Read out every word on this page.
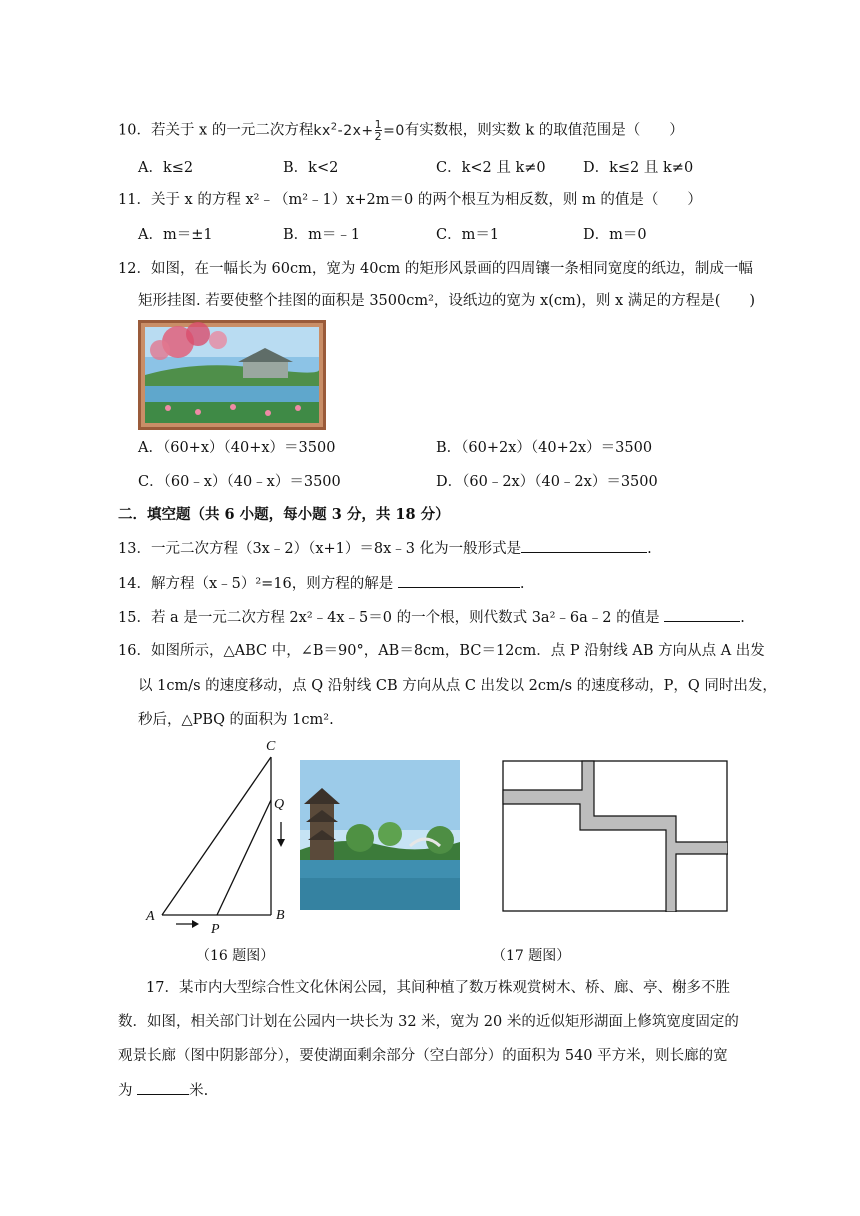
10．若关于 x 的一元二次方程$kx^2-2x+ \frac{1}{2} =0$有实数根，则实数 k 的取值范围是（　　）
A．k≤2	B．k<2	C．k<2 且 k≠0	D．k≤2 且 k≠0
11．关于 x 的方程 x²﹣（m²﹣1）x+2m＝0 的两个根互为相反数，则 m 的值是（　　）
A．m＝±1	B．m＝﹣1	C．m＝1	D．m＝0
12．如图，在一幅长为 60cm，宽为 40cm 的矩形风景画的四周镶一条相同宽度的纸边，制成一幅
矩形挂图. 若要使整个挂图的面积是 3500cm²，设纸边的宽为 x(cm)，则 x 满足的方程是(　　)
A．（60+x）（40+x）＝3500	B．（60+2x）（40+2x）＝3500
C．（60﹣x）（40﹣x）＝3500	D．（60﹣2x）（40﹣2x）＝3500
二．填空题（共 6 小题，每小题 3 分，共 18 分）
13．一元二次方程（3x﹣2）（x+1）＝8x﹣3 化为一般形式是	.
14．解方程（x﹣5）²=16，则方程的解是	.
15．若 a 是一元二次方程 2x²﹣4x﹣5＝0 的一个根，则代数式 3a²﹣6a﹣2 的值是	.
16．如图所示，△ABC 中，∠B＝90°，AB＝8cm，BC＝12cm．点 P 沿射线 AB 方向从点 A 出发
以 1cm/s 的速度移动，点 Q 沿射线 CB 方向从点 C 出发以 2cm/s 的速度移动，P，Q 同时出发，
秒后，△PBQ 的面积为 1cm².
C
Q
A	B
P
（16 题图）	（17 题图）
17．某市内大型综合性文化休闲公园，其间种植了数万株观赏树木、桥、廊、亭、榭多不胜
数．如图，相关部门计划在公园内一块长为 32 米，宽为 20 米的近似矩形湖面上修筑宽度固定的
观景长廊（图中阴影部分），要使湖面剩余部分（空白部分）的面积为 540 平方米，则长廊的宽
为	米.
